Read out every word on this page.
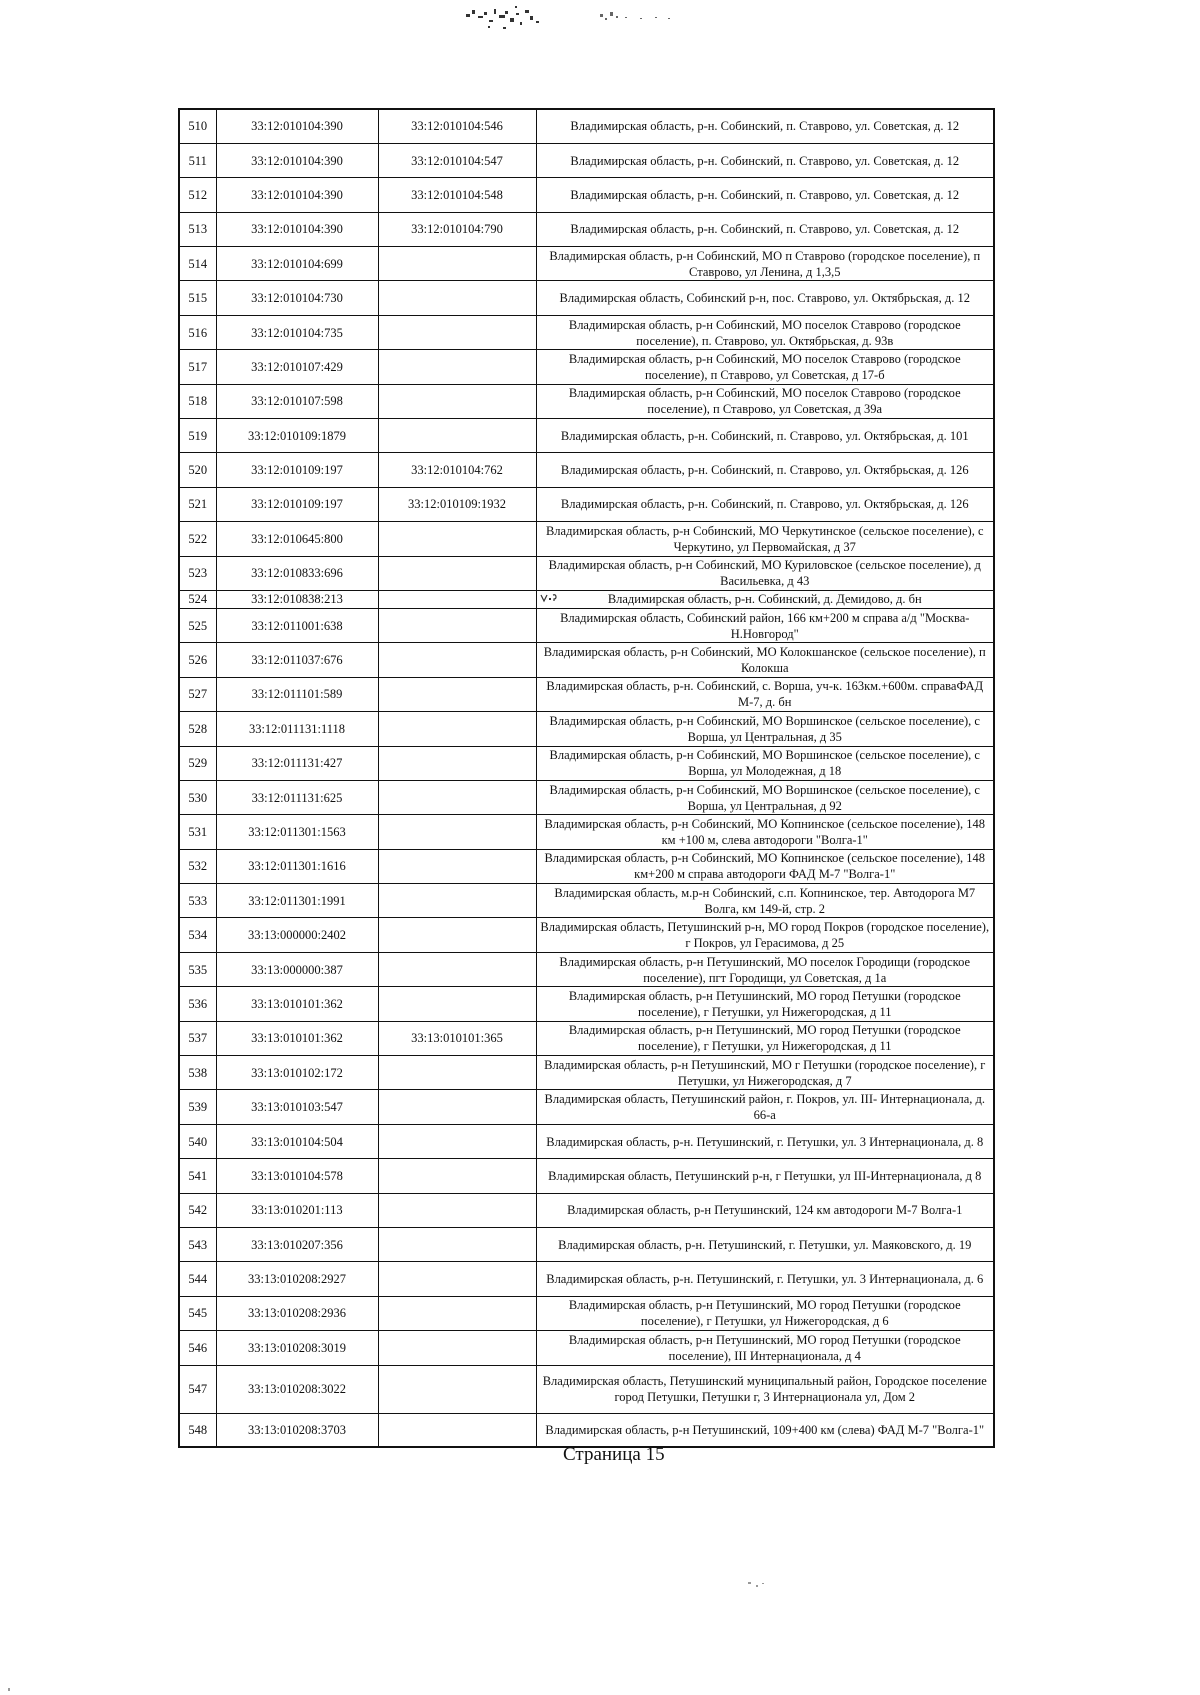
510	33:12:010104:390	33:12:010104:546	Владимирская область, р-н. Собинский, п. Ставрово, ул. Советская, д. 12
511	33:12:010104:390	33:12:010104:547	Владимирская область, р-н. Собинский, п. Ставрово, ул. Советская, д. 12
512	33:12:010104:390	33:12:010104:548	Владимирская область, р-н. Собинский, п. Ставрово, ул. Советская, д. 12
513	33:12:010104:390	33:12:010104:790	Владимирская область, р-н. Собинский, п. Ставрово, ул. Советская, д. 12
514	33:12:010104:699		Владимирская область, р-н Собинский, МО п Ставрово (городское поселение), п Ставрово, ул Ленина, д 1,3,5
515	33:12:010104:730		Владимирская область, Собинский р-н, пос. Ставрово, ул. Октябрьская, д. 12
516	33:12:010104:735		Владимирская область, р-н Собинский, МО поселок Ставрово (городское поселение), п. Ставрово, ул. Октябрьская, д. 93в
517	33:12:010107:429		Владимирская область, р-н Собинский, МО поселок Ставрово (городское поселение), п Ставрово, ул Советская, д 17-б
518	33:12:010107:598		Владимирская область, р-н Собинский, МО поселок Ставрово (городское поселение), п Ставрово, ул Советская, д 39а
519	33:12:010109:1879		Владимирская область, р-н. Собинский, п. Ставрово, ул. Октябрьская, д. 101
520	33:12:010109:197	33:12:010104:762	Владимирская область, р-н. Собинский, п. Ставрово, ул. Октябрьская, д. 126
521	33:12:010109:197	33:12:010109:1932	Владимирская область, р-н. Собинский, п. Ставрово, ул. Октябрьская, д. 126
522	33:12:010645:800		Владимирская область, р-н Собинский, МО Черкутинское (сельское поселение), с Черкутино, ул Первомайская, д 37
523	33:12:010833:696		Владимирская область, р-н Собинский, МО Куриловское (сельское поселение), д Васильевка, д 43
524	33:12:010838:213		Владимирская область, р-н. Собинский, д. Демидово, д. бн
525	33:12:011001:638		Владимирская область, Собинский район, 166 км+200 м справа а/д "Москва-Н.Новгород"
526	33:12:011037:676		Владимирская область, р-н Собинский, МО Колокшанское (сельское поселение), п Колокша
527	33:12:011101:589		Владимирская область, р-н. Собинский, с. Ворша, уч-к. 163км.+600м. справаФАД М-7, д. бн
528	33:12:011131:1118		Владимирская область, р-н Собинский, МО Воршинское (сельское поселение), с Ворша, ул Центральная, д 35
529	33:12:011131:427		Владимирская область, р-н Собинский, МО Воршинское (сельское поселение), с Ворша, ул Молодежная, д 18
530	33:12:011131:625		Владимирская область, р-н Собинский, МО Воршинское (сельское поселение), с Ворша, ул Центральная, д 92
531	33:12:011301:1563		Владимирская область, р-н Собинский, МО Копнинское (сельское поселение), 148 км +100 м, слева автодороги "Волга-1"
532	33:12:011301:1616		Владимирская область, р-н Собинский, МО Копнинское (сельское поселение), 148 км+200 м справа автодороги ФАД М-7 "Волга-1"
533	33:12:011301:1991		Владимирская область, м.р-н Собинский, с.п. Копнинское, тер. Автодорога М7 Волга, км 149-й, стр. 2
534	33:13:000000:2402		Владимирская область, Петушинский р-н, МО город Покров (городское поселение), г Покров, ул Герасимова, д 25
535	33:13:000000:387		Владимирская область, р-н Петушинский, МО поселок Городищи (городское поселение), пгт Городищи, ул Советская, д 1а
536	33:13:010101:362		Владимирская область, р-н Петушинский, МО город Петушки (городское поселение), г Петушки, ул Нижегородская, д 11
537	33:13:010101:362	33:13:010101:365	Владимирская область, р-н Петушинский, МО город Петушки (городское поселение), г Петушки, ул Нижегородская, д 11
538	33:13:010102:172		Владимирская область, р-н Петушинский, МО г Петушки (городское поселение), г Петушки, ул Нижегородская, д 7
539	33:13:010103:547		Владимирская область, Петушинский район, г. Покров, ул. III- Интернационала, д. 66-а
540	33:13:010104:504		Владимирская область, р-н. Петушинский, г. Петушки, ул. 3 Интернационала, д. 8
541	33:13:010104:578		Владимирская область, Петушинский р-н, г Петушки, ул III-Интернационала, д 8
542	33:13:010201:113		Владимирская область, р-н Петушинский, 124 км автодороги М-7 Волга-1
543	33:13:010207:356		Владимирская область, р-н. Петушинский, г. Петушки, ул. Маяковского, д. 19
544	33:13:010208:2927		Владимирская область, р-н. Петушинский, г. Петушки, ул. 3 Интернационала, д. 6
545	33:13:010208:2936		Владимирская область, р-н Петушинский, МО город Петушки (городское поселение), г Петушки, ул Нижегородская, д 6
546	33:13:010208:3019		Владимирская область, р-н Петушинский, МО город Петушки (городское поселение), III Интернационала, д 4
547	33:13:010208:3022		Владимирская область, Петушинский муниципальный район, Городское поселение город Петушки, Петушки г, 3 Интернационала ул, Дом 2
548	33:13:010208:3703		Владимирская область, р-н Петушинский, 109+400 км (слева) ФАД М-7 "Волга-1"
Страница 15
